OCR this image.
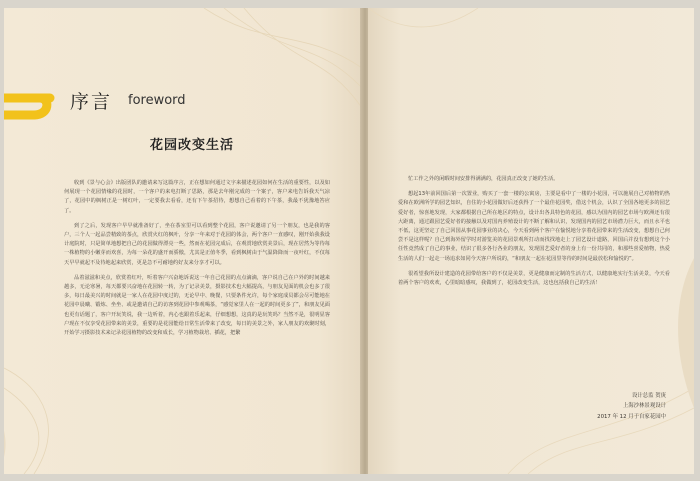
序言 foreword
花园改变生活

收到《景与心会》出版团队的邀请来写这篇序言，正在想如何通过文字来描述花园如何在生活的重要性，以及如何展现一个花园情缘的花园时，一个客户的来电打断了思路，那是去年刚完成的一个案子，客户来电告诉我天气凉了，花园中的枫树正是一树红叶，一定要我去看看，还有下午茶招待，想想自己看着的下午茶，我最不犹豫地答应了。

到了之后，发现客户早早就准备好了，坐在茶室里可以看到整个花园，客户说邀请了另一个朋友，也是我的客户，三个人一起品尝精致的茶点，欣赏火红的枫叶，分享一年来对于花园的体会，两个客户一直感叹，刚开始我我设计庭院时，只是简单地想把自己的花园做得漂亮一些，然而在花园完成后，在观赏地欣赏美景后，现在居然为等待每一株植物的小嫩芽而欢喜，为每一朵花的盛开而骄傲，尤其是正值冬季，看到枫树由于气温降降而一夜叶红，不仅每天早早就起不及待地起来欣赏，更是急不可耐地约好友来分享才可以。

品着滋滋和美点，欣赏着红叶，听着客户兴奋地诉说这一年自己花园的点点滴滴，客户说自己在户外的时间越来越多，无论寒暑，每天都要兴奋地在花园转一转，为了记录美景，摄影技术也大幅提高，与朋友见面的机会也多了很多，每日最美兴的时间就是一家人在花园中度过的，无论早中、晚餐，只要条件允许，每个家庭成员都会尽可能地在花园中晨曦、锻炼、坐坐、或是邀请自己的访客到花园中参观喝茶，“感觉家里人在一起的时间更多了”，和朋友见面也更有话题了，客户开玩笑说，我一边听着，内心也跟着乐起来，仔细想想，这真的是玩笑吗？当然不是，很明显客户现在不仅享受花园带来的美景，重要的是花园能给日常生活带来了改变，每日的美景之外，家人朋友的欢聚时刻，开始学习摄影技术来记录花园植物的改变和成长，学习植物栽培、插花，把繁

忙工作之外的闲暇时间安排得满满的，花园真正改变了她的生活。

想起13年前回国后第一次置业，购买了一套一楼的公寓房，主要是看中了一楼的小花园，可以施展自己对植物的热爱和在欧洲所学的园艺知识，自住的小花园做好后还获得了一个最佳花园奖，借这个机会，认识了全国各地更多的园艺爱好者，惊喜地发现，大家都根据自己所在地区的特点，设计出各具特色的花园，感以为国内的园艺市场与欧洲还有很大距离，通过跟园艺爱好者的接触以及对国内养殖设计的不断了解和认识，发现国内的园艺市场潜力巨大，而且水平也不低，这更坚定了自己回国从事花园事业的决心，今天看到两个客户在愉悦地分享着花园带来的生活改变，想想自己何尝不是这样呢？自己到海外留学时对游览美的花园景观所打动而找找地走上了园艺设计道路，回国后并没有想到这个小任性竟然成了自己的事业，结识了很多各行各业的朋友，发现国艺爱好者的身上有一份共同的，和那些喜爱植物，热爱生活的人们一起走一场追求如同今天客户所说的，“和朋友一起在花园里等待的时间是最放松和愉悦的”。

很希望我所设计建造的花园带给客户的不仅是美景，更是健康而定制的生活方式，以健康地实行生活美景，今天看着两个客户的欢欢，心里暗暗感叹，我做到了，花园改变生活，这也包括我自己的生活！

设计总监 贺庚
上海沙林景观设计
2017 年 12 月于自家花园中
